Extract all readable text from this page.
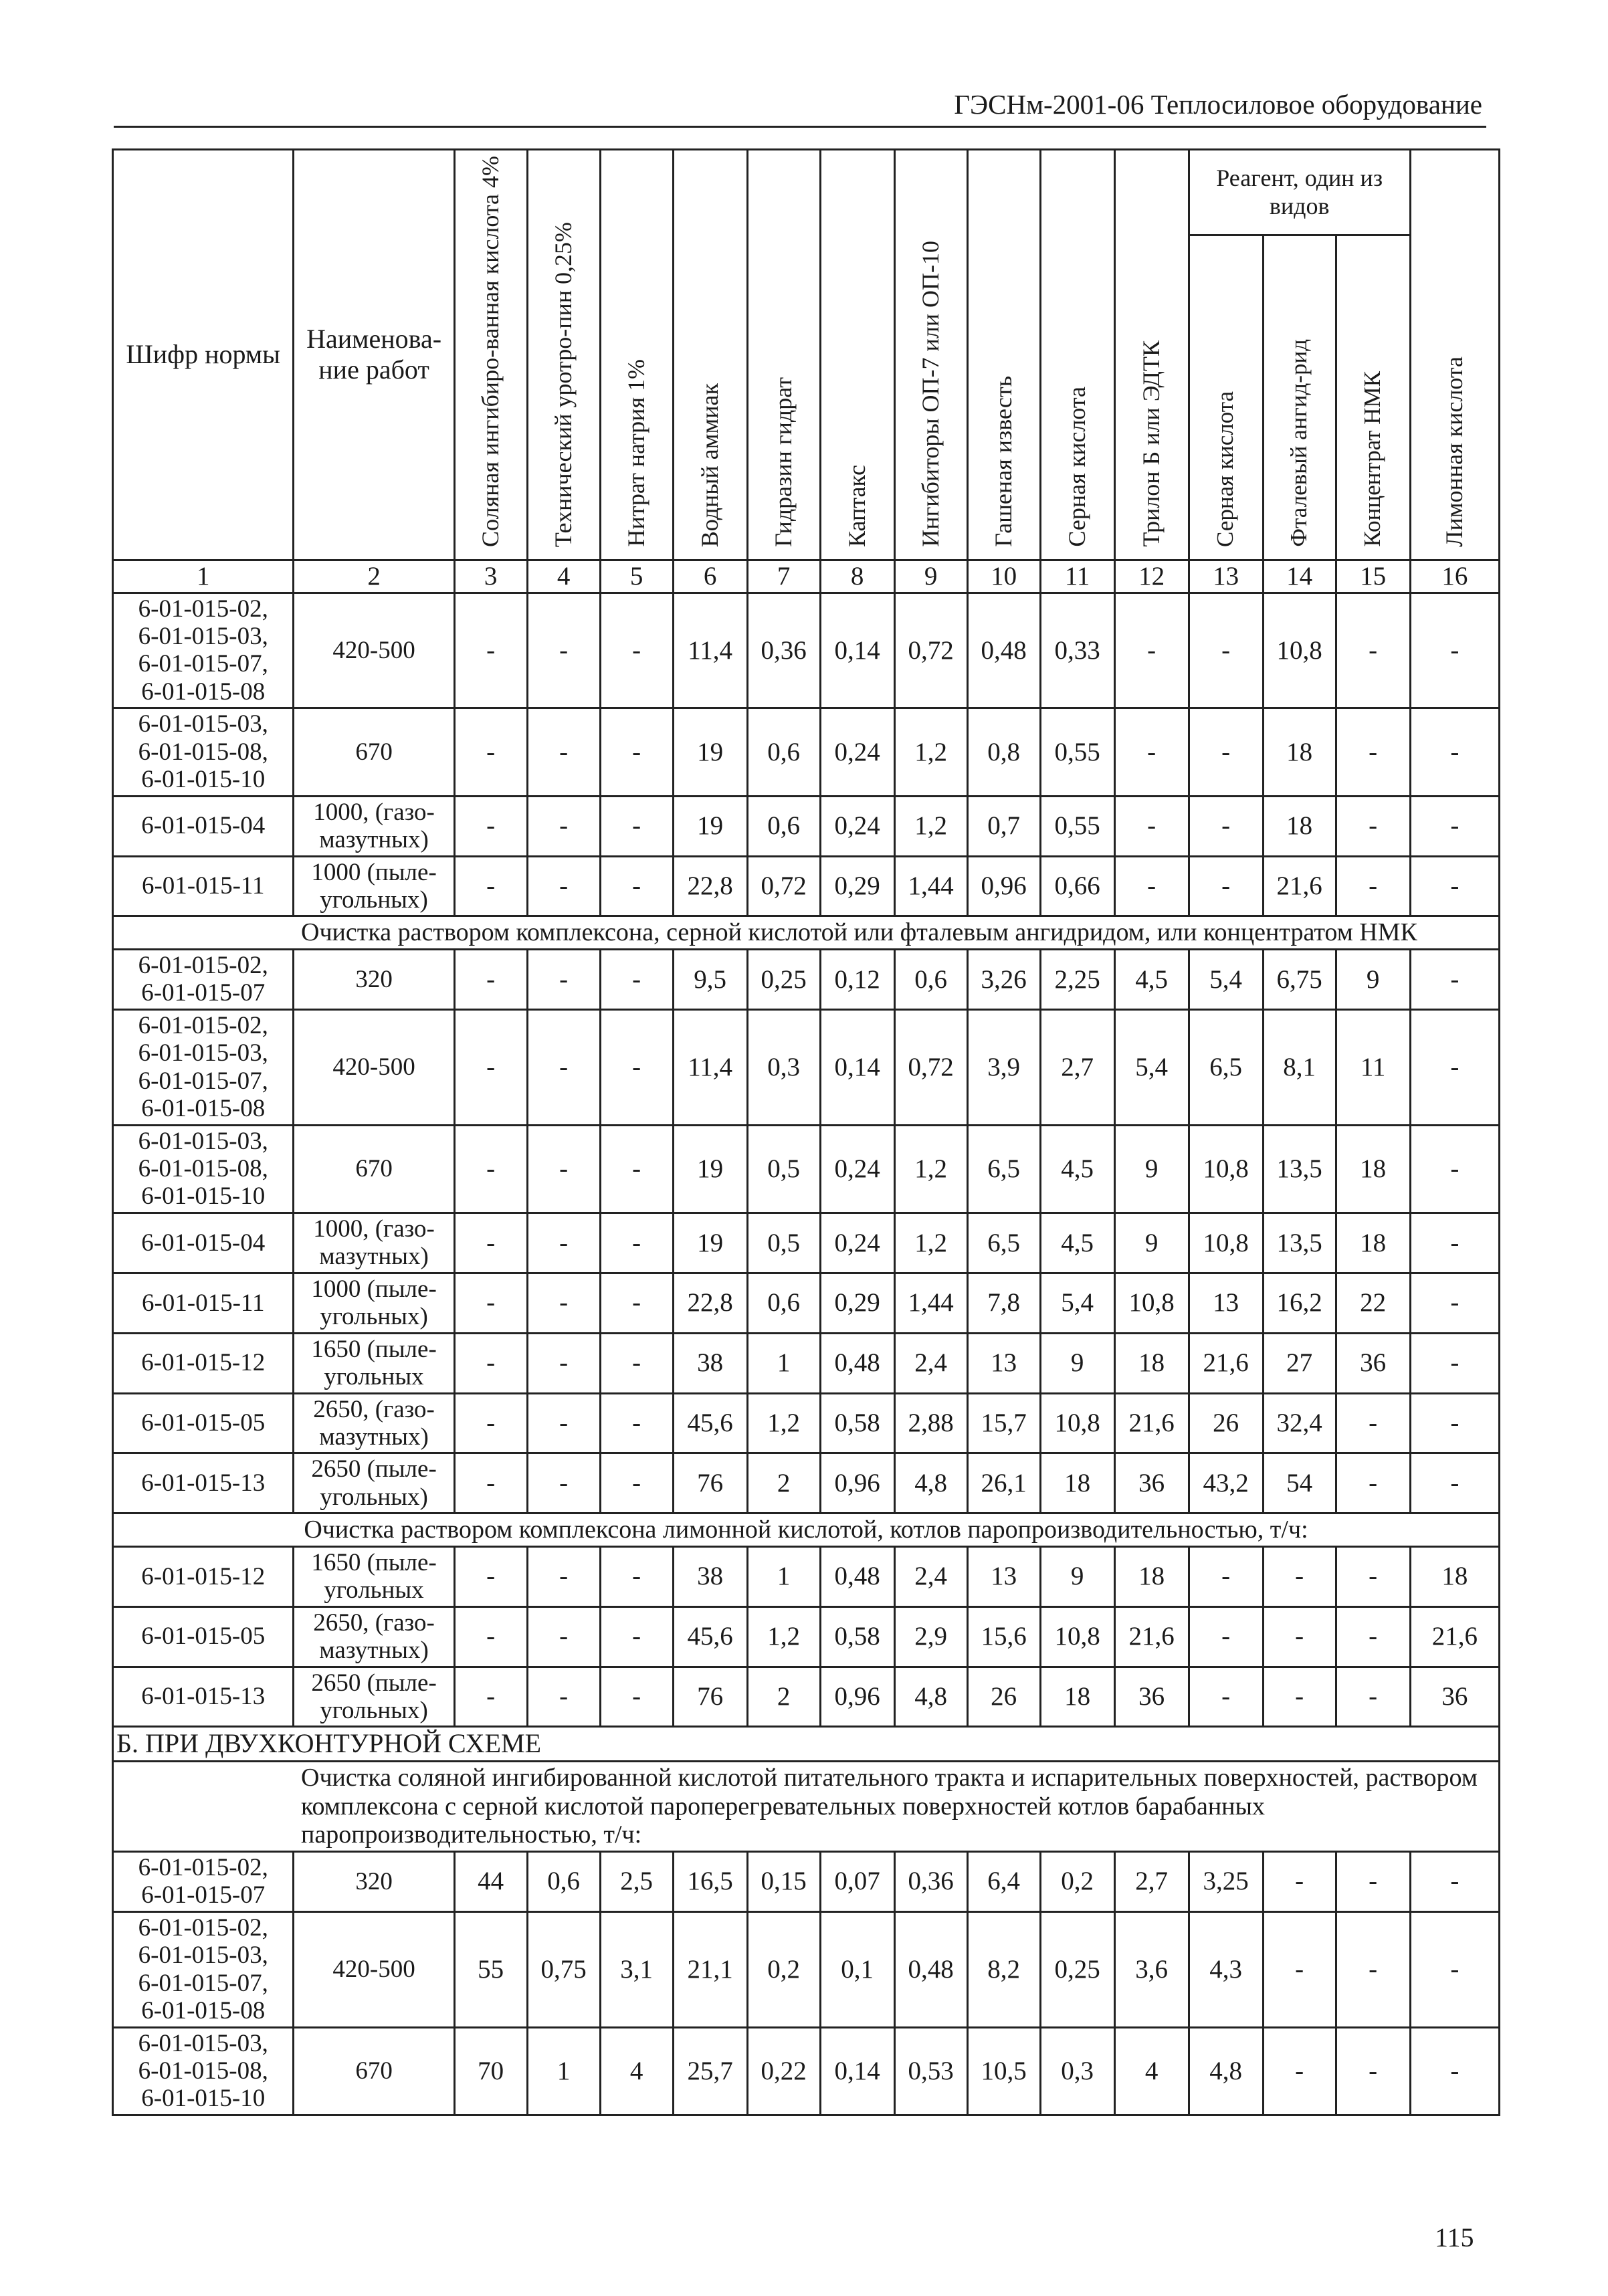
ГЭСНм-2001-06 Теплосиловое оборудование
Шифр нормы	Наименова-ние работ	Соляная ингибиро-ванная кислота 4%	Технический уротро-пин 0,25%	Нитрат натрия 1%	Водный аммиак	Гидразин гидрат	Каптакс	Ингибиторы ОП-7 или ОП-10	Гашеная известь	Серная кислота	Трилон Б или ЭДТК	Реагент, один из видов			Лимонная кислота
												Серная кислота	Фталевый ангид-рид	Концентрат НМК	
1	2	3	4	5	6	7	8	9	10	11	12	13	14	15	16
6-01-015-02,
6-01-015-03,
6-01-015-07,
6-01-015-08	420-500	-	-	-	11,4	0,36	0,14	0,72	0,48	0,33	-	-	10,8	-	-
6-01-015-03,
6-01-015-08,
6-01-015-10	670	-	-	-	19	0,6	0,24	1,2	0,8	0,55	-	-	18	-	-
6-01-015-04	1000, (газо-мазутных)	-	-	-	19	0,6	0,24	1,2	0,7	0,55	-	-	18	-	-
6-01-015-11	1000 (пыле-угольных)	-	-	-	22,8	0,72	0,29	1,44	0,96	0,66	-	-	21,6	-	-
Очистка раствором комплексона, серной кислотой или фталевым ангидридом, или концентратом НМК															
6-01-015-02,
6-01-015-07	320	-	-	-	9,5	0,25	0,12	0,6	3,26	2,25	4,5	5,4	6,75	9	-
6-01-015-02,
6-01-015-03,
6-01-015-07,
6-01-015-08	420-500	-	-	-	11,4	0,3	0,14	0,72	3,9	2,7	5,4	6,5	8,1	11	-
6-01-015-03,
6-01-015-08,
6-01-015-10	670	-	-	-	19	0,5	0,24	1,2	6,5	4,5	9	10,8	13,5	18	-
6-01-015-04	1000, (газо-мазутных)	-	-	-	19	0,5	0,24	1,2	6,5	4,5	9	10,8	13,5	18	-
6-01-015-11	1000 (пыле-угольных)	-	-	-	22,8	0,6	0,29	1,44	7,8	5,4	10,8	13	16,2	22	-
6-01-015-12	1650 (пыле-угольных	-	-	-	38	1	0,48	2,4	13	9	18	21,6	27	36	-
6-01-015-05	2650, (газо-мазутных)	-	-	-	45,6	1,2	0,58	2,88	15,7	10,8	21,6	26	32,4	-	-
6-01-015-13	2650 (пыле-угольных)	-	-	-	76	2	0,96	4,8	26,1	18	36	43,2	54	-	-
Очистка раствором комплексона лимонной кислотой, котлов паропроизводительностью, т/ч:															
6-01-015-12	1650 (пыле-угольных	-	-	-	38	1	0,48	2,4	13	9	18	-	-	-	18
6-01-015-05	2650, (газо-мазутных)	-	-	-	45,6	1,2	0,58	2,9	15,6	10,8	21,6	-	-	-	21,6
6-01-015-13	2650 (пыле-угольных)	-	-	-	76	2	0,96	4,8	26	18	36	-	-	-	36
Б. ПРИ ДВУХКОНТУРНОЙ СХЕМЕ															
Очистка соляной ингибированной кислотой питательного тракта и испарительных поверхностей, раствором комплексона с серной кислотой пароперегревательных поверхностей котлов барабанных паропроизводительностью, т/ч:															
6-01-015-02,
6-01-015-07	320	44	0,6	2,5	16,5	0,15	0,07	0,36	6,4	0,2	2,7	3,25	-	-	-
6-01-015-02,
6-01-015-03,
6-01-015-07,
6-01-015-08	420-500	55	0,75	3,1	21,1	0,2	0,1	0,48	8,2	0,25	3,6	4,3	-	-	-
6-01-015-03,
6-01-015-08,
6-01-015-10	670	70	1	4	25,7	0,22	0,14	0,53	10,5	0,3	4	4,8	-	-	-
115
